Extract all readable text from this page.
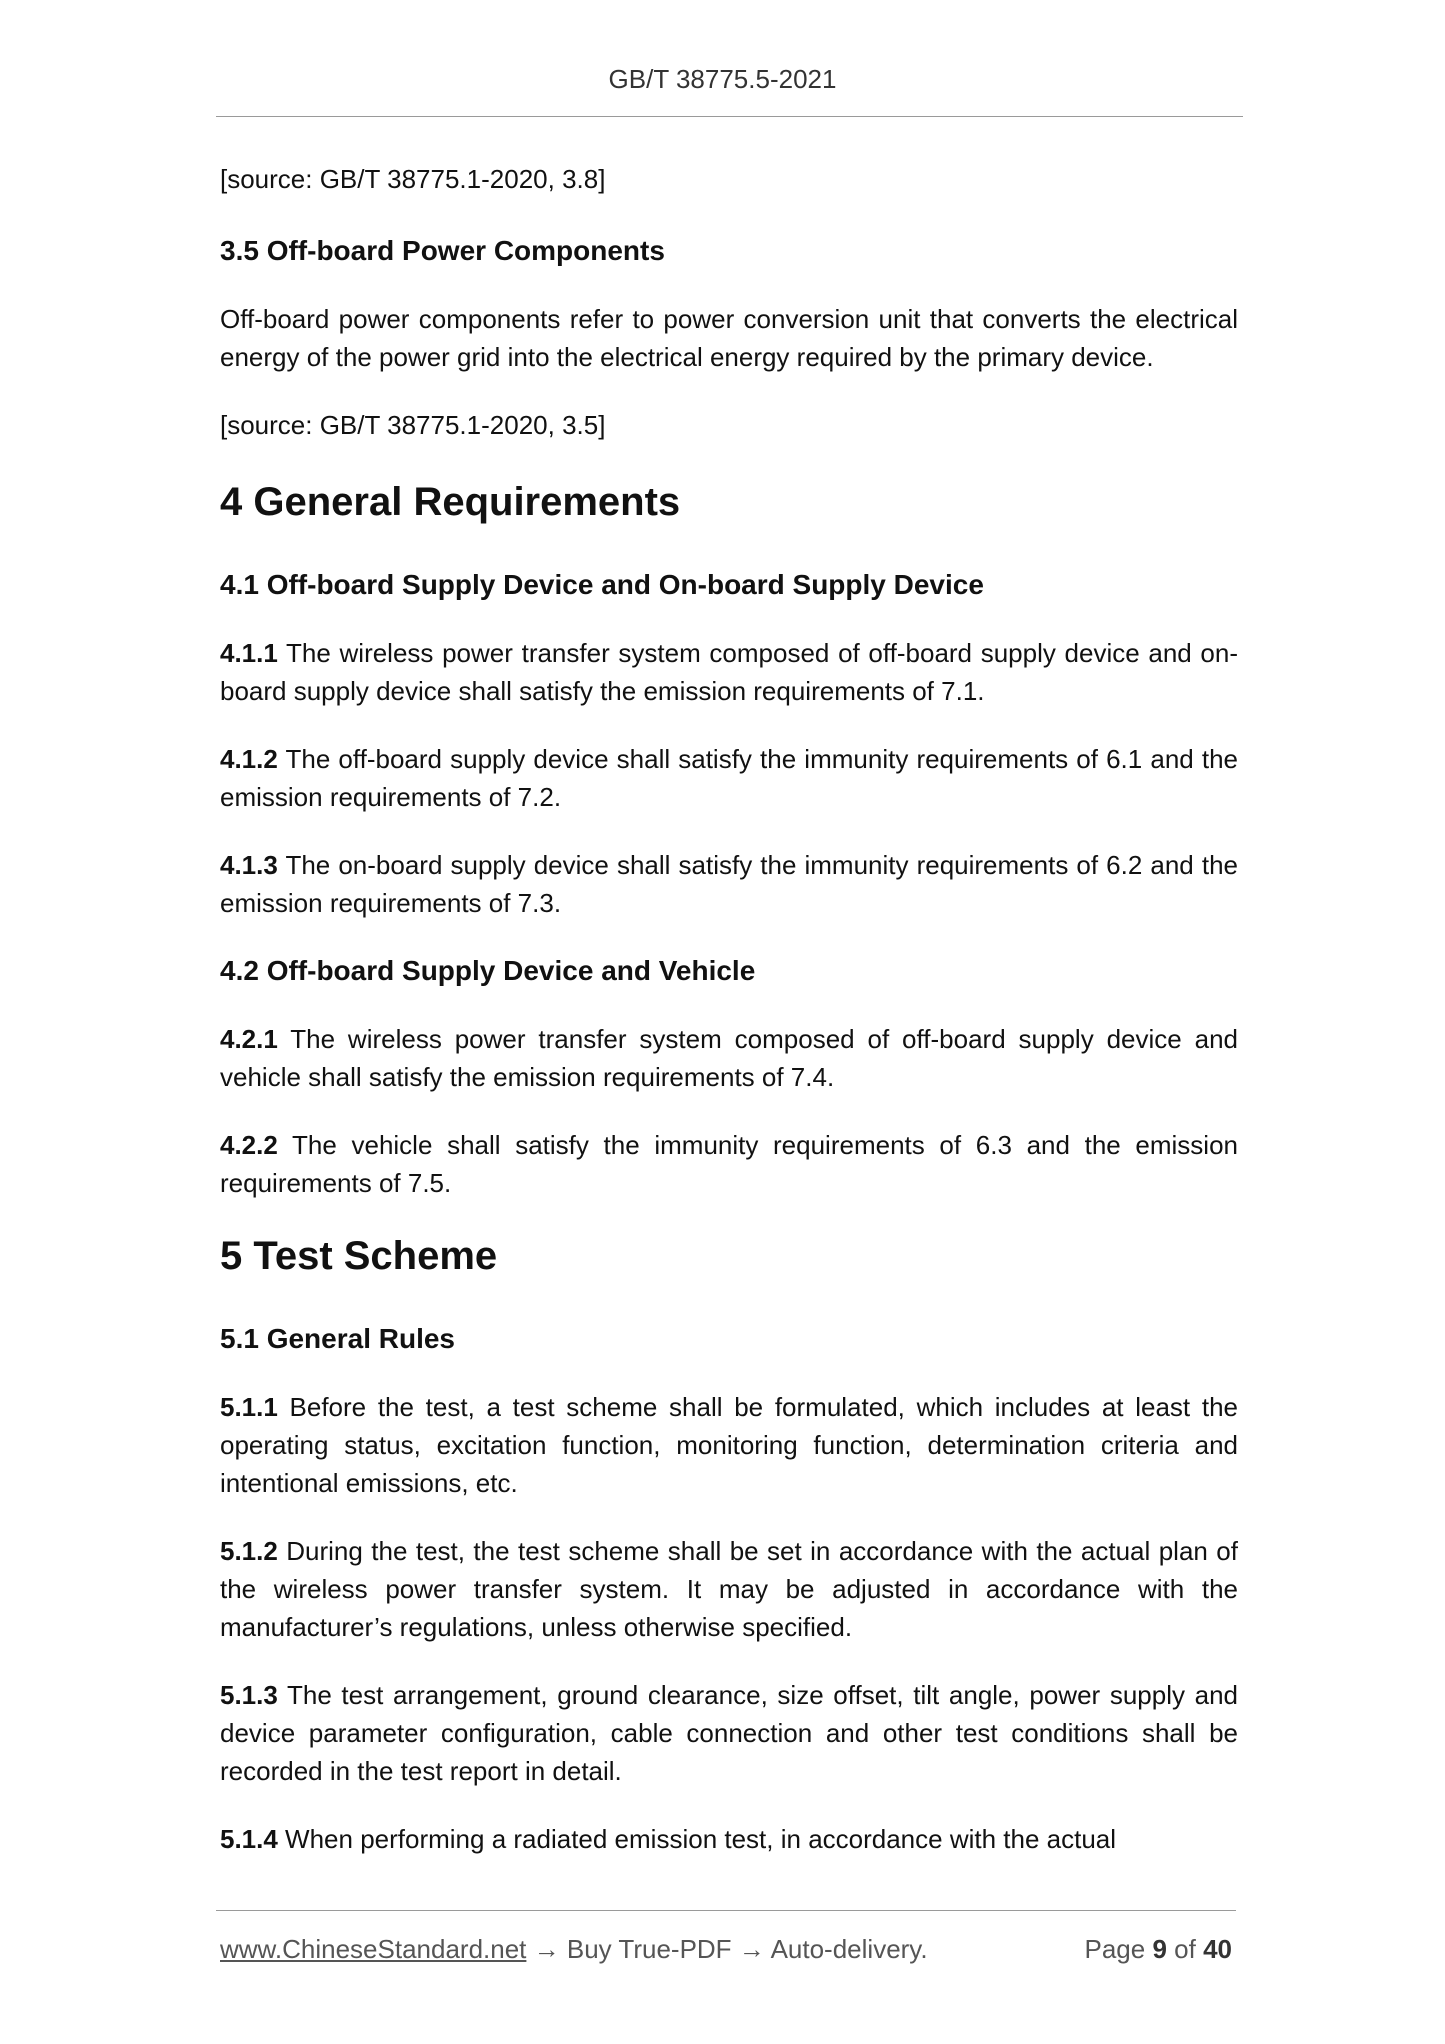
GB/T 38775.5-2021

[source: GB/T 38775.1-2020, 3.8]

3.5 Off-board Power Components

Off-board power components refer to power conversion unit that converts the electrical energy of the power grid into the electrical energy required by the primary device.

[source: GB/T 38775.1-2020, 3.5]

4 General Requirements
4.1 Off-board Supply Device and On-board Supply Device

4.1.1 The wireless power transfer system composed of off-board supply device and on-board supply device shall satisfy the emission requirements of 7.1.

4.1.2 The off-board supply device shall satisfy the immunity requirements of 6.1 and the emission requirements of 7.2.

4.1.3 The on-board supply device shall satisfy the immunity requirements of 6.2 and the emission requirements of 7.3.

4.2 Off-board Supply Device and Vehicle

4.2.1 The wireless power transfer system composed of off-board supply device and vehicle shall satisfy the emission requirements of 7.4.

4.2.2 The vehicle shall satisfy the immunity requirements of 6.3 and the emission requirements of 7.5.

5 Test Scheme
5.1 General Rules

5.1.1 Before the test, a test scheme shall be formulated, which includes at least the operating status, excitation function, monitoring function, determination criteria and intentional emissions, etc.

5.1.2 During the test, the test scheme shall be set in accordance with the actual plan of the wireless power transfer system. It may be adjusted in accordance with the manufacturer’s regulations, unless otherwise specified.

5.1.3 The test arrangement, ground clearance, size offset, tilt angle, power supply and device parameter configuration, cable connection and other test conditions shall be recorded in the test report in detail.

5.1.4 When performing a radiated emission test, in accordance with the actual

www.ChineseStandard.net → Buy True-PDF → Auto-delivery.	Page 9 of 40
